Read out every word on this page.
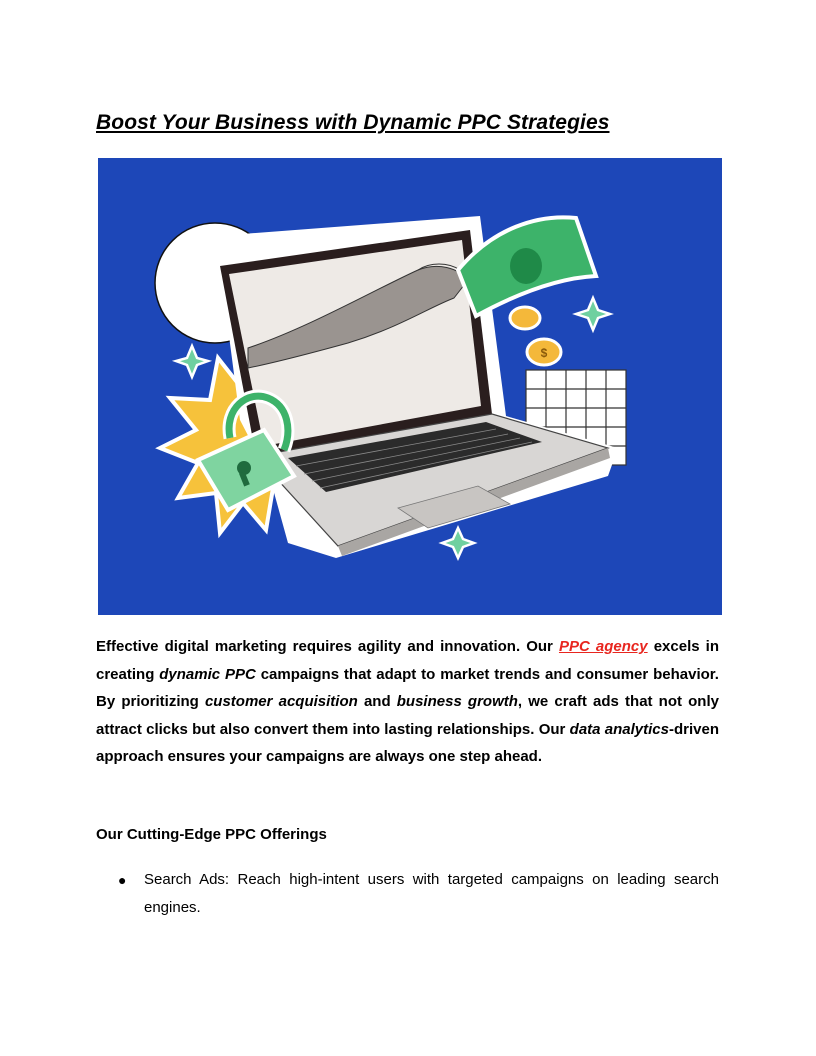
Boost Your Business with Dynamic PPC Strategies
$

Effective digital marketing requires agility and innovation. Our PPC agency excels in creating dynamic PPC campaigns that adapt to market trends and consumer behavior. By prioritizing customer acquisition and business growth, we craft ads that not only attract clicks but also convert them into lasting relationships. Our data analytics-driven approach ensures your campaigns are always one step ahead.

Our Cutting-Edge PPC Offerings
● Search Ads: Reach high-intent users with targeted campaigns on leading search engines.
